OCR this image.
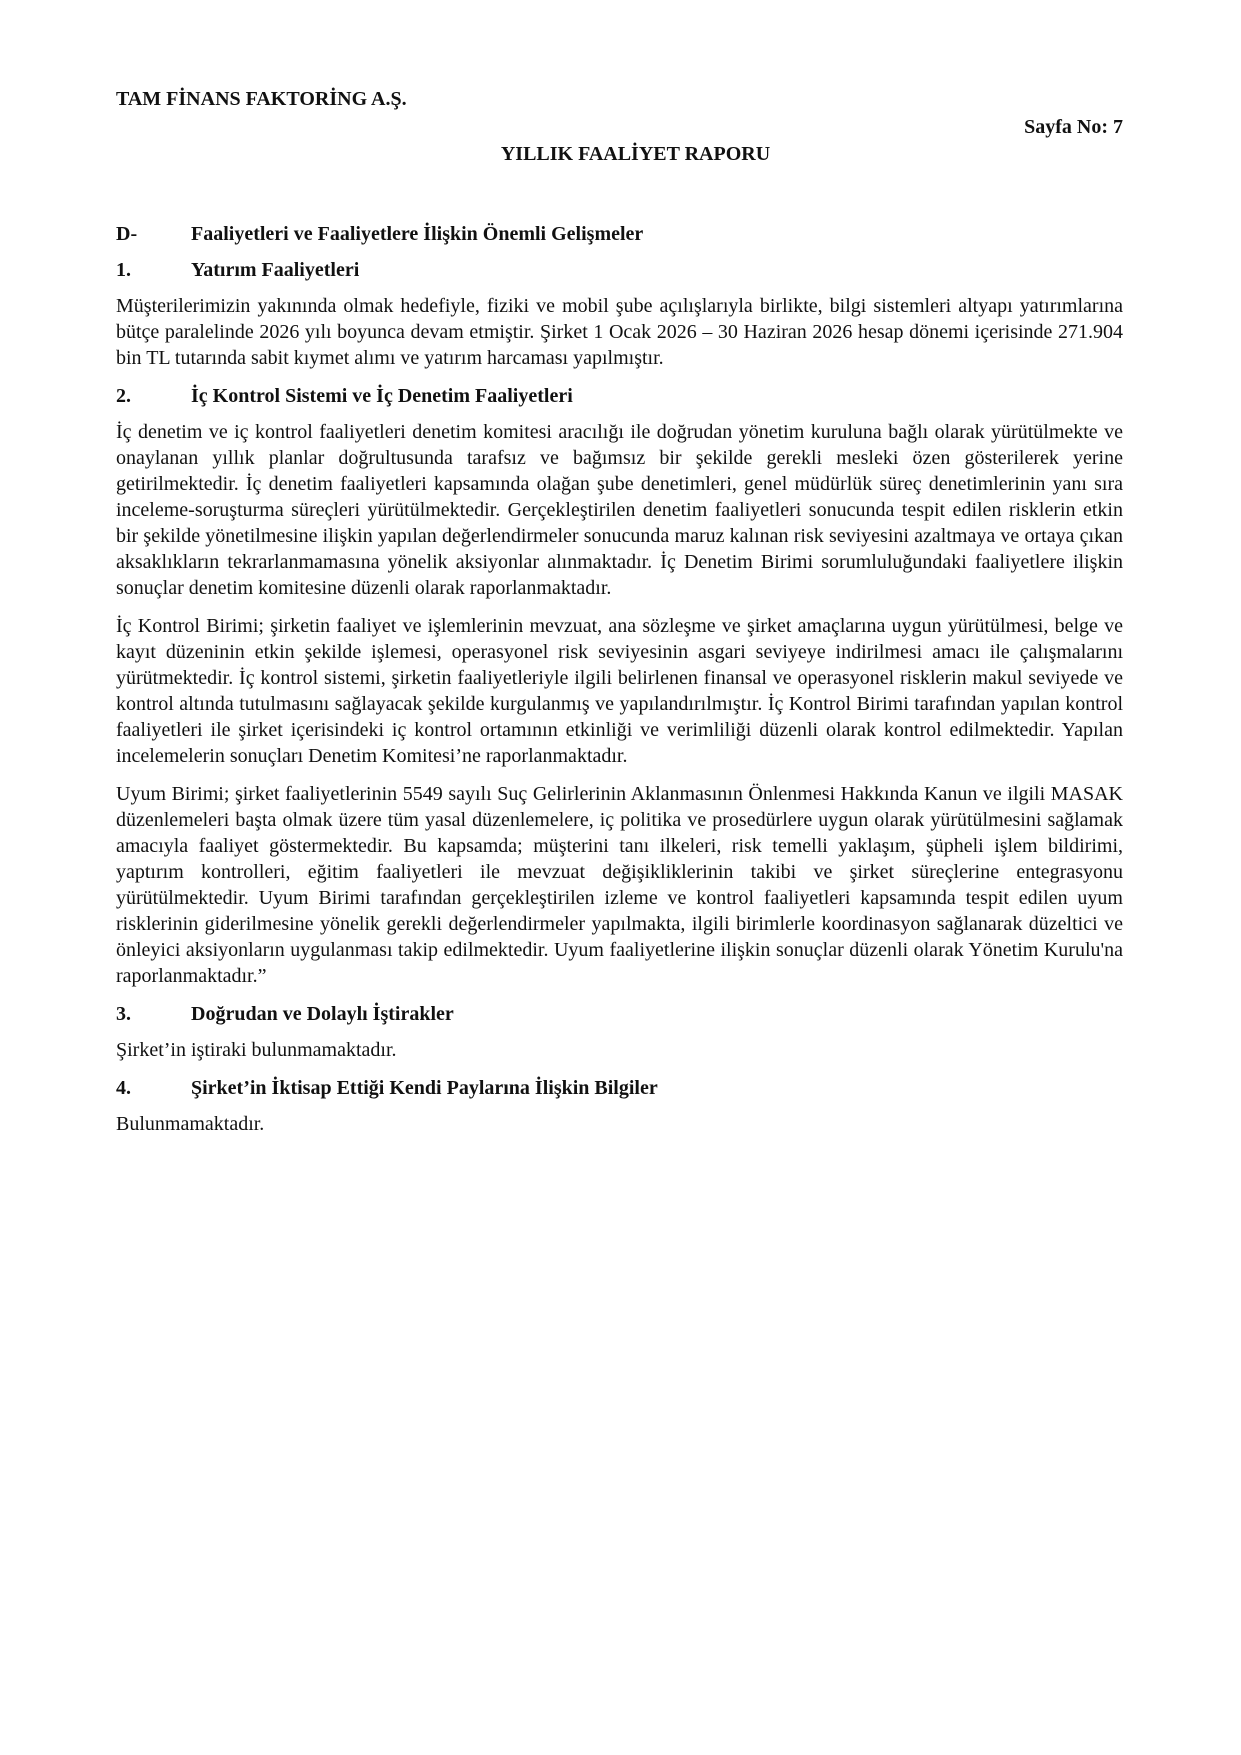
TAM FİNANS FAKTORİNG A.Ş.

Sayfa No: 7

YILLIK FAALİYET RAPORU

D-	Faaliyetleri ve Faaliyetlere İlişkin Önemli Gelişmeler
1.	Yatırım Faaliyetleri

Müşterilerimizin yakınında olmak hedefiyle, fiziki ve mobil şube açılışlarıyla birlikte, bilgi sistemleri altyapı yatırımlarına bütçe paralelinde 2026 yılı boyunca devam etmiştir. Şirket 1 Ocak 2026 – 30 Haziran 2026 hesap dönemi içerisinde 271.904 bin TL tutarında sabit kıymet alımı ve yatırım harcaması yapılmıştır.

2.	İç Kontrol Sistemi ve İç Denetim Faaliyetleri

İç denetim ve iç kontrol faaliyetleri denetim komitesi aracılığı ile doğrudan yönetim kuruluna bağlı olarak yürütülmekte ve onaylanan yıllık planlar doğrultusunda tarafsız ve bağımsız bir şekilde gerekli mesleki özen gösterilerek yerine getirilmektedir. İç denetim faaliyetleri kapsamında olağan şube denetimleri, genel müdürlük süreç denetimlerinin yanı sıra inceleme-soruşturma süreçleri yürütülmektedir. Gerçekleştirilen denetim faaliyetleri sonucunda tespit edilen risklerin etkin bir şekilde yönetilmesine ilişkin yapılan değerlendirmeler sonucunda maruz kalınan risk seviyesini azaltmaya ve ortaya çıkan aksaklıkların tekrarlanmamasına yönelik aksiyonlar alınmaktadır. İç Denetim Birimi sorumluluğundaki faaliyetlere ilişkin sonuçlar denetim komitesine düzenli olarak raporlanmaktadır.

İç Kontrol Birimi; şirketin faaliyet ve işlemlerinin mevzuat, ana sözleşme ve şirket amaçlarına uygun yürütülmesi, belge ve kayıt düzeninin etkin şekilde işlemesi, operasyonel risk seviyesinin asgari seviyeye indirilmesi amacı ile çalışmalarını yürütmektedir. İç kontrol sistemi, şirketin faaliyetleriyle ilgili belirlenen finansal ve operasyonel risklerin makul seviyede ve kontrol altında tutulmasını sağlayacak şekilde kurgulanmış ve yapılandırılmıştır. İç Kontrol Birimi tarafından yapılan kontrol faaliyetleri ile şirket içerisindeki iç kontrol ortamının etkinliği ve verimliliği düzenli olarak kontrol edilmektedir. Yapılan incelemelerin sonuçları Denetim Komitesi’ne raporlanmaktadır.

Uyum Birimi; şirket faaliyetlerinin 5549 sayılı Suç Gelirlerinin Aklanmasının Önlenmesi Hakkında Kanun ve ilgili MASAK düzenlemeleri başta olmak üzere tüm yasal düzenlemelere, iç politika ve prosedürlere uygun olarak yürütülmesini sağlamak amacıyla faaliyet göstermektedir. Bu kapsamda; müşterini tanı ilkeleri, risk temelli yaklaşım, şüpheli işlem bildirimi, yaptırım kontrolleri, eğitim faaliyetleri ile mevzuat değişikliklerinin takibi ve şirket süreçlerine entegrasyonu yürütülmektedir. Uyum Birimi tarafından gerçekleştirilen izleme ve kontrol faaliyetleri kapsamında tespit edilen uyum risklerinin giderilmesine yönelik gerekli değerlendirmeler yapılmakta, ilgili birimlerle koordinasyon sağlanarak düzeltici ve önleyici aksiyonların uygulanması takip edilmektedir. Uyum faaliyetlerine ilişkin sonuçlar düzenli olarak Yönetim Kurulu'na raporlanmaktadır.”

3.	Doğrudan ve Dolaylı İştirakler

Şirket’in iştiraki bulunmamaktadır.

4.	Şirket’in İktisap Ettiği Kendi Paylarına İlişkin Bilgiler

Bulunmamaktadır.
